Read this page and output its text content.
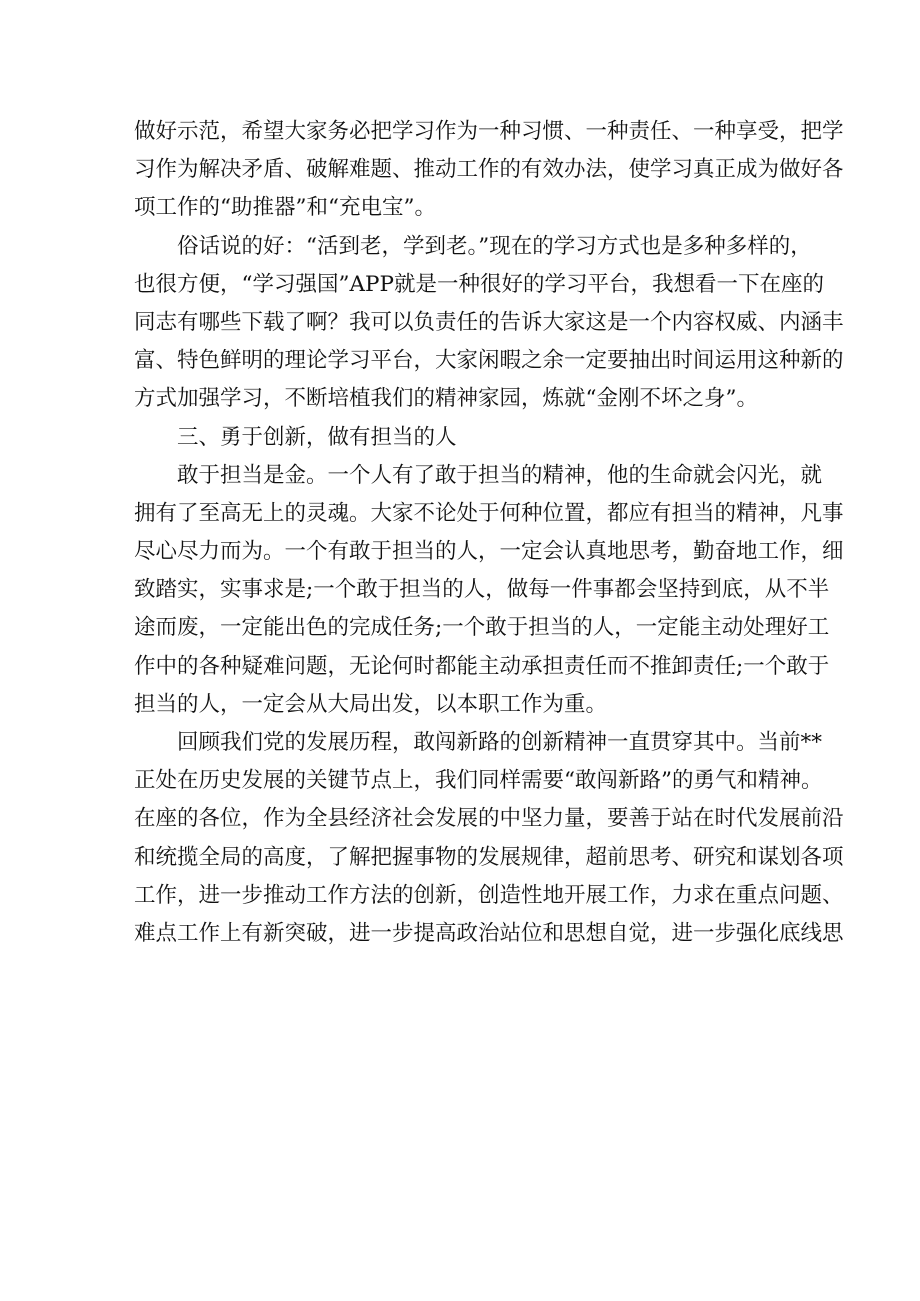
做好示范，希望大家务必把学习作为一种习惯、一种责任、一种享受，把学
习作为解决矛盾、破解难题、推动工作的有效办法，使学习真正成为做好各
项工作的“助推器”和“充电宝”。
俗话说的好：“活到老，学到老。”现在的学习方式也是多种多样的，
也很方便，“学习强国”APP就是一种很好的学习平台，我想看一下在座的
同志有哪些下载了啊？我可以负责任的告诉大家这是一个内容权威、内涵丰
富、特色鲜明的理论学习平台，大家闲暇之余一定要抽出时间运用这种新的
方式加强学习，不断培植我们的精神家园，炼就“金刚不坏之身”。
三、勇于创新，做有担当的人
敢于担当是金。一个人有了敢于担当的精神，他的生命就会闪光，就
拥有了至高无上的灵魂。大家不论处于何种位置，都应有担当的精神，凡事
尽心尽力而为。一个有敢于担当的人，一定会认真地思考，勤奋地工作，细
致踏实，实事求是;一个敢于担当的人，做每一件事都会坚持到底，从不半
途而废，一定能出色的完成任务;一个敢于担当的人，一定能主动处理好工
作中的各种疑难问题，无论何时都能主动承担责任而不推卸责任;一个敢于
担当的人，一定会从大局出发，以本职工作为重。
回顾我们党的发展历程，敢闯新路的创新精神一直贯穿其中。当前**
正处在历史发展的关键节点上，我们同样需要“敢闯新路”的勇气和精神。
在座的各位，作为全县经济社会发展的中坚力量，要善于站在时代发展前沿
和统揽全局的高度，了解把握事物的发展规律，超前思考、研究和谋划各项
工作，进一步推动工作方法的创新，创造性地开展工作，力求在重点问题、
难点工作上有新突破，进一步提高政治站位和思想自觉，进一步强化底线思
